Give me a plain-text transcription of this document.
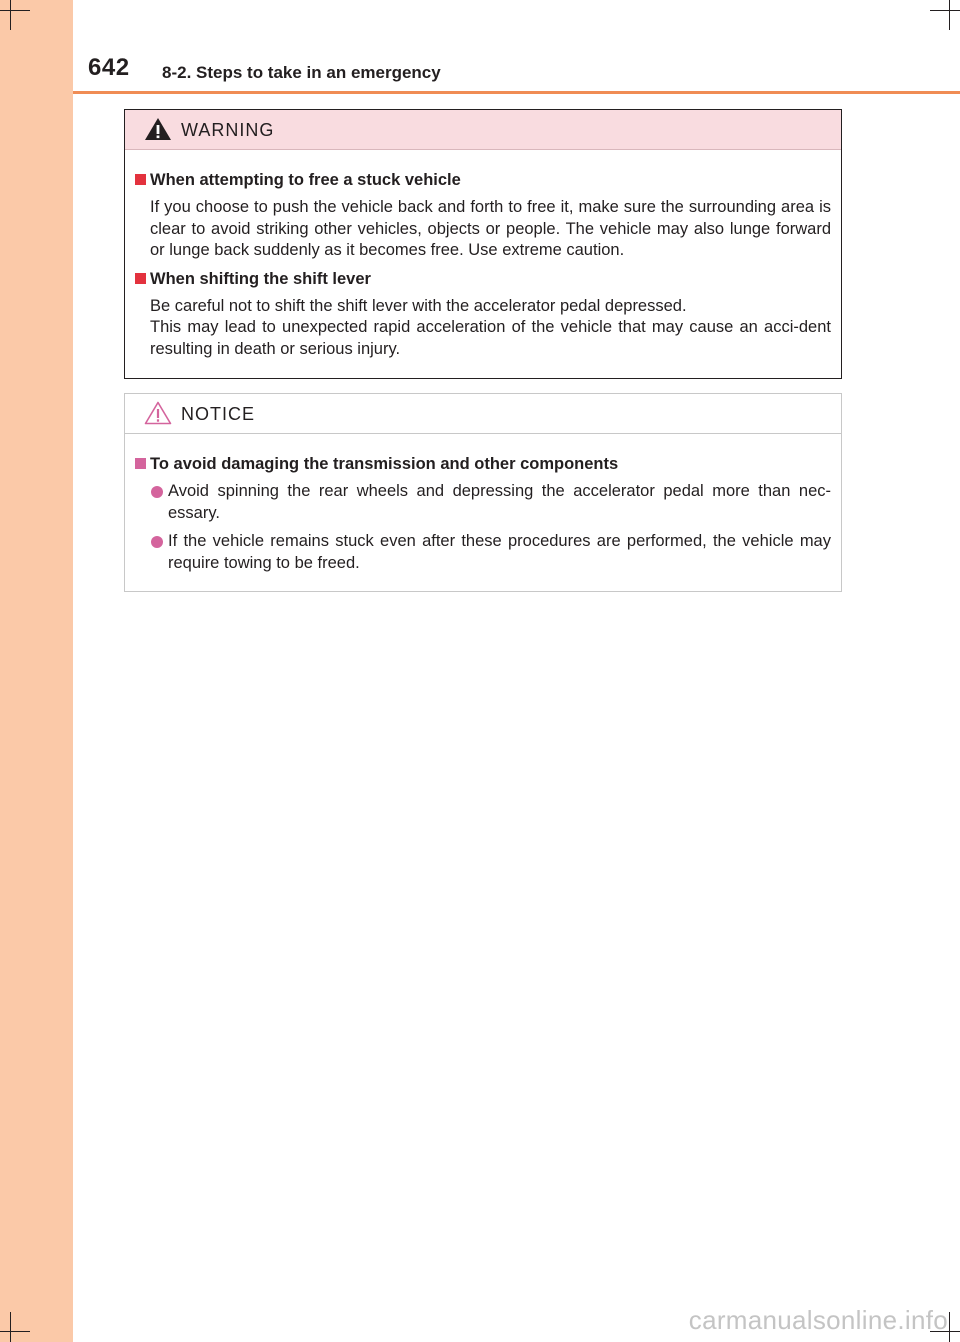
642 8-2. Steps to take in an emergency
WARNING
When attempting to free a stuck vehicle
If you choose to push the vehicle back and forth to free it, make sure the surrounding area is clear to avoid striking other vehicles, objects or people. The vehicle may also lunge forward or lunge back suddenly as it becomes free. Use extreme caution.
When shifting the shift lever
Be careful not to shift the shift lever with the accelerator pedal depressed.
This may lead to unexpected rapid acceleration of the vehicle that may cause an acci-dent resulting in death or serious injury.
NOTICE
To avoid damaging the transmission and other components
Avoid spinning the rear wheels and depressing the accelerator pedal more than nec-essary.
If the vehicle remains stuck even after these procedures are performed, the vehicle may require towing to be freed.
carmanualsonline.info
